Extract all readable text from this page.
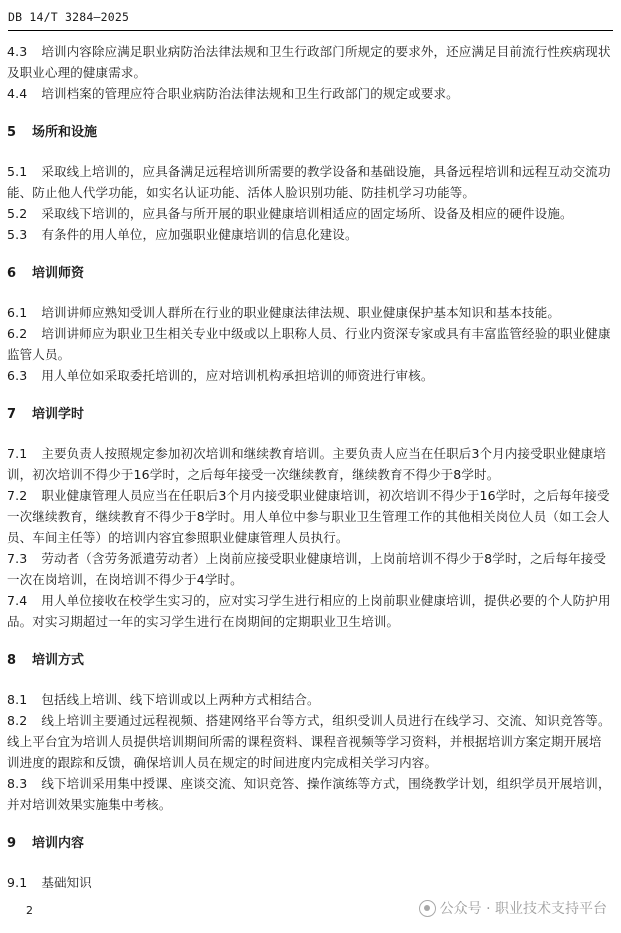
DB 14/T 3284—2025

4.3 培训内容除应满足职业病防治法律法规和卫生行政部门所规定的要求外，还应满足目前流行性疾病现状及职业心理的健康需求。

4.4 培训档案的管理应符合职业病防治法律法规和卫生行政部门的规定或要求。

5 场所和设施

5.1 采取线上培训的，应具备满足远程培训所需要的教学设备和基础设施，具备远程培训和远程互动交流功能、防止他人代学功能，如实名认证功能、活体人脸识别功能、防挂机学习功能等。

5.2 采取线下培训的，应具备与所开展的职业健康培训相适应的固定场所、设备及相应的硬件设施。

5.3 有条件的用人单位，应加强职业健康培训的信息化建设。

6 培训师资

6.1 培训讲师应熟知受训人群所在行业的职业健康法律法规、职业健康保护基本知识和基本技能。

6.2 培训讲师应为职业卫生相关专业中级或以上职称人员、行业内资深专家或具有丰富监管经验的职业健康监管人员。

6.3 用人单位如采取委托培训的，应对培训机构承担培训的师资进行审核。

7 培训学时

7.1 主要负责人按照规定参加初次培训和继续教育培训。主要负责人应当在任职后3个月内接受职业健康培训，初次培训不得少于16学时，之后每年接受一次继续教育，继续教育不得少于8学时。

7.2 职业健康管理人员应当在任职后3个月内接受职业健康培训，初次培训不得少于16学时，之后每年接受一次继续教育，继续教育不得少于8学时。用人单位中参与职业卫生管理工作的其他相关岗位人员（如工会人员、车间主任等）的培训内容宜参照职业健康管理人员执行。

7.3 劳动者（含劳务派遣劳动者）上岗前应接受职业健康培训，上岗前培训不得少于8学时，之后每年接受一次在岗培训，在岗培训不得少于4学时。

7.4 用人单位接收在校学生实习的，应对实习学生进行相应的上岗前职业健康培训，提供必要的个人防护用品。对实习期超过一年的实习学生进行在岗期间的定期职业卫生培训。

8 培训方式

8.1 包括线上培训、线下培训或以上两种方式相结合。

8.2 线上培训主要通过远程视频、搭建网络平台等方式，组织受训人员进行在线学习、交流、知识竞答等。线上平台宜为培训人员提供培训期间所需的课程资料、课程音视频等学习资料，并根据培训方案定期开展培训进度的跟踪和反馈，确保培训人员在规定的时间进度内完成相关学习内容。

8.3 线下培训采用集中授课、座谈交流、知识竞答、操作演练等方式，围绕教学计划，组织学员开展培训，并对培训效果实施集中考核。

9 培训内容

9.1 基础知识

2	公众号 · 职业技术支持平台
